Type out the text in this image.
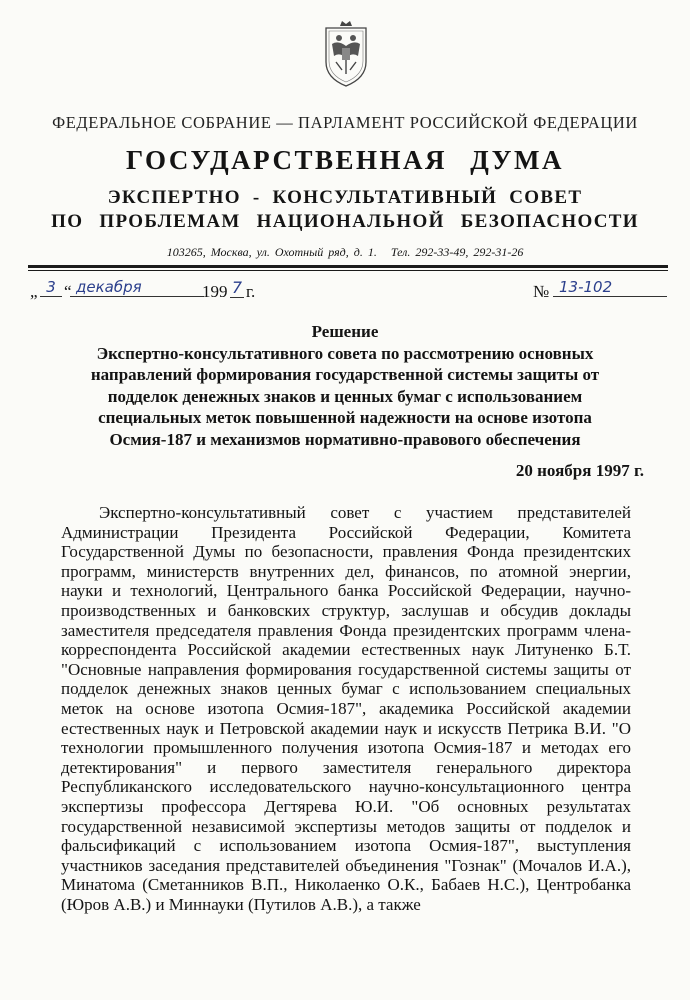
ФЕДЕРАЛЬНОЕ СОБРАНИЕ — ПАРЛАМЕНТ РОССИЙСКОЙ ФЕДЕРАЦИИ
ГОСУДАРСТВЕННАЯ ДУМА
ЭКСПЕРТНО - КОНСУЛЬТАТИВНЫЙ СОВЕТ
ПО ПРОБЛЕМАМ НАЦИОНАЛЬНОЙ БЕЗОПАСНОСТИ
103265, Москва, ул. Охотный ряд, д. 1. Тел. 292-33-49, 292-31-26
„ 3 “ декабря	199 7 г.	№ 13-102
Решение
Экспертно-консультативного совета по рассмотрению основных направлений формирования государственной системы защиты от подделок денежных знаков и ценных бумаг с использованием специальных меток повышенной надежности на основе изотопа Осмия-187 и механизмов нормативно-правового обеспечения
20 ноября 1997 г.

Экспертно-консультативный совет с участием представителей Администрации Президента Российской Федерации, Комитета Государственной Думы по безопасности, правления Фонда президентских программ, министерств внутренних дел, финансов, по атомной энергии, науки и технологий, Центрального банка Российской Федерации, научно-производственных и банковских структур, заслушав и обсудив доклады заместителя председателя правления Фонда президентских программ члена-корреспондента Российской академии естественных наук Литуненко Б.Т. "Основные направления формирования государственной системы защиты от подделок денежных знаков ценных бумаг с использованием специальных меток на основе изотопа Осмия-187", академика Российской академии естественных наук и Петровской академии наук и искусств Петрика В.И. "О технологии промышленного получения изотопа Осмия-187 и методах его детектирования" и первого заместителя генерального директора Республиканского исследовательского научно-консультационного центра экспертизы профессора Дегтярева Ю.И. "Об основных результатах государственной независимой экспертизы методов защиты от подделок и фальсификаций с использованием изотопа Осмия-187", выступления участников заседания представителей объединения "Гознак" (Мочалов И.А.), Минатома (Сметанников В.П., Николаенко О.К., Бабаев Н.С.), Центробанка (Юров А.В.) и Миннауки (Путилов А.В.), а также
